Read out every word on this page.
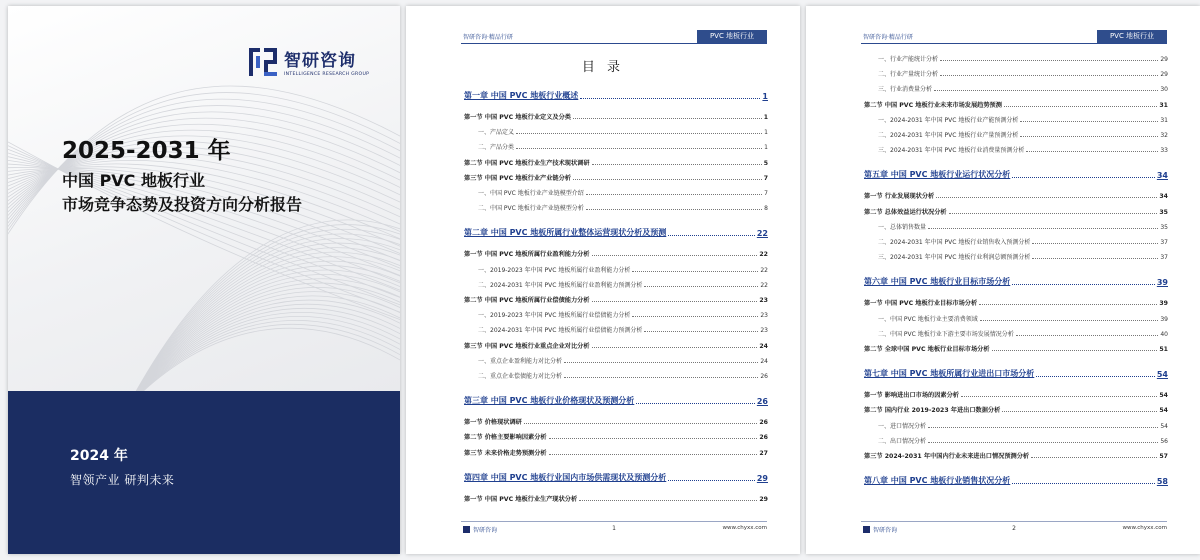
智研咨询
INTELLIGENCE RESEARCH GROUP
2025-2031 年
中国 PVC 地板行业
市场竞争态势及投资方向分析报告
2024 年
智领产业 研判未来
智研咨询·精品行研	PVC 地板行业
目 录
第一章 中国 PVC 地板行业概述	1
第一节 中国 PVC 地板行业定义及分类	1
一、产品定义	1
二、产品分类	1
第二节 中国 PVC 地板行业生产技术现状调研	5
第三节 中国 PVC 地板行业产业链分析	7
一、中国 PVC 地板行业产业链模型介绍	7
二、中国 PVC 地板行业产业链模型分析	8
第二章 中国 PVC 地板所属行业整体运营现状分析及预测	22
第一节 中国 PVC 地板所属行业盈利能力分析	22
一、2019-2023 年中国 PVC 地板所属行业盈利能力分析	22
二、2024-2031 年中国 PVC 地板所属行业盈利能力预测分析	22
第二节 中国 PVC 地板所属行业偿债能力分析	23
一、2019-2023 年中国 PVC 地板所属行业偿债能力分析	23
二、2024-2031 年中国 PVC 地板所属行业偿债能力预测分析	23
第三节 中国 PVC 地板行业重点企业对比分析	24
一、重点企业盈利能力对比分析	24
二、重点企业偿债能力对比分析	26
第三章 中国 PVC 地板行业价格现状及预测分析	26
第一节 价格现状调研	26
第二节 价格主要影响因素分析	26
第三节 未来价格走势预测分析	27
第四章 中国 PVC 地板行业国内市场供需现状及预测分析	29
第一节 中国 PVC 地板行业生产现状分析	29
智研咨询	1	www.chyxx.com
智研咨询·精品行研	PVC 地板行业
一、行业产能统计分析	29
二、行业产量统计分析	29
三、行业消费量分析	30
第二节 中国 PVC 地板行业未来市场发展趋势预测	31
一、2024-2031 年中国 PVC 地板行业产能预测分析	31
二、2024-2031 年中国 PVC 地板行业产量预测分析	32
三、2024-2031 年中国 PVC 地板行业消费量预测分析	33
第五章 中国 PVC 地板行业运行状况分析	34
第一节 行业发展现状分析	34
第二节 总体效益运行状况分析	35
一、总体销售数量	35
二、2024-2031 年中国 PVC 地板行业销售收入预测分析	37
三、2024-2031 年中国 PVC 地板行业利润总额预测分析	37
第六章 中国 PVC 地板行业目标市场分析	39
第一节 中国 PVC 地板行业目标市场分析	39
一、中国 PVC 地板行业主要消费领域	39
二、中国 PVC 地板行业下游主要市场发展情况分析	40
第二节 全球中国 PVC 地板行业目标市场分析	51
第七章 中国 PVC 地板所属行业进出口市场分析	54
第一节 影响进出口市场的因素分析	54
第二节 国内行业 2019-2023 年进出口数据分析	54
一、进口情况分析	54
二、出口情况分析	56
第三节 2024-2031 年中国内行业未来进出口情况预测分析	57
第八章 中国 PVC 地板行业销售状况分析	58
智研咨询	2	www.chyxx.com
